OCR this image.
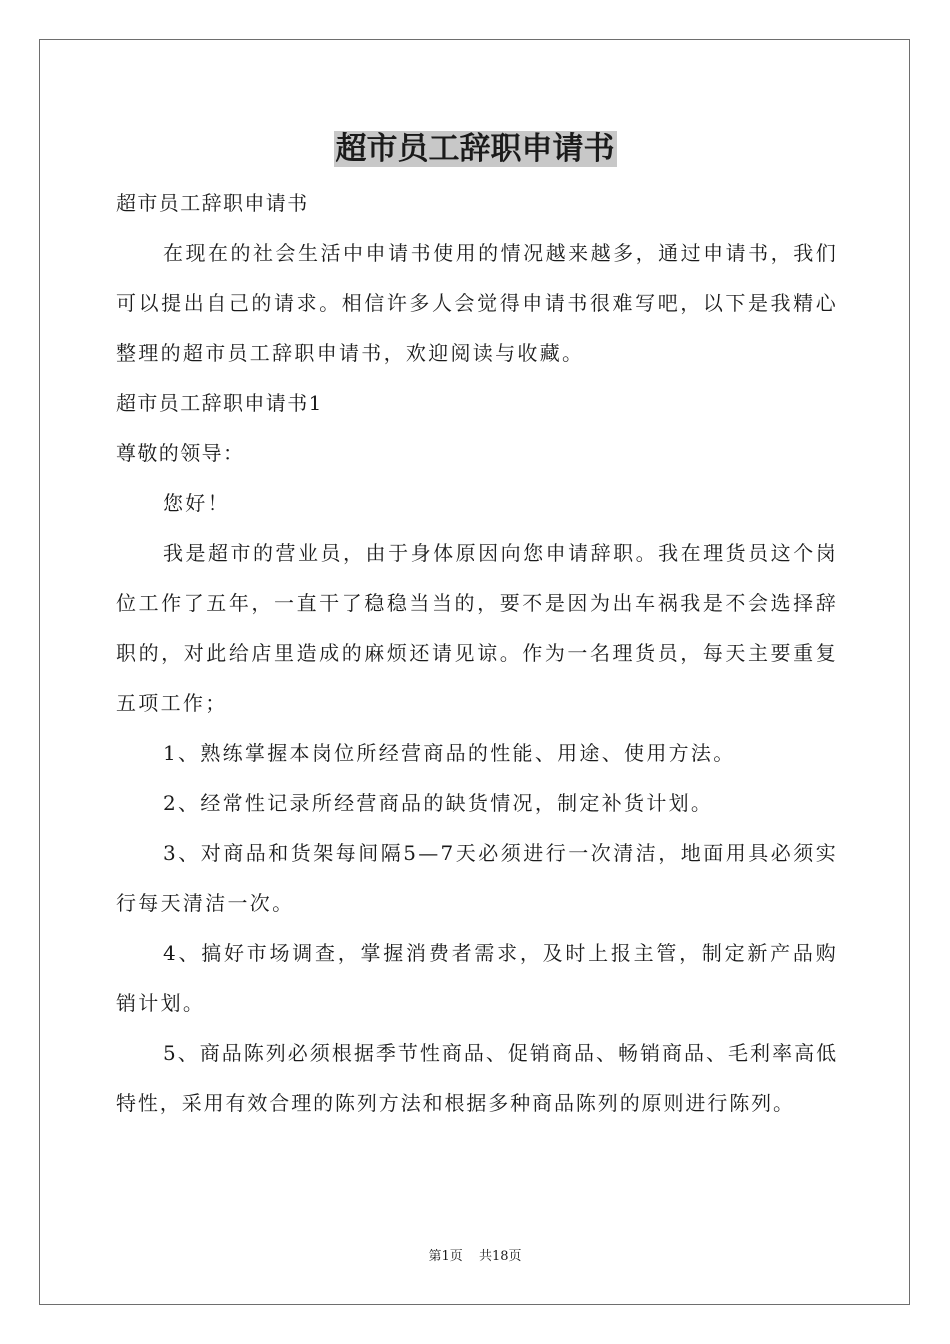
超市员工辞职申请书
超市员工辞职申请书

在现在的社会生活中申请书使用的情况越来越多，通过申请书，我们可以提出自己的请求。相信许多人会觉得申请书很难写吧，以下是我精心整理的超市员工辞职申请书，欢迎阅读与收藏。

超市员工辞职申请书1
尊敬的领导：

您好！

我是超市的营业员，由于身体原因向您申请辞职。我在理货员这个岗位工作了五年，一直干了稳稳当当的，要不是因为出车祸我是不会选择辞职的，对此给店里造成的麻烦还请见谅。作为一名理货员，每天主要重复五项工作；

1、熟练掌握本岗位所经营商品的性能、用途、使用方法。

2、经常性记录所经营商品的缺货情况，制定补货计划。

3、对商品和货架每间隔5—7天必须进行一次清洁，地面用具必须实行每天清洁一次。

4、搞好市场调查，掌握消费者需求，及时上报主管，制定新产品购销计划。

5、商品陈列必须根据季节性商品、促销商品、畅销商品、毛利率高低特性，采用有效合理的陈列方法和根据多种商品陈列的原则进行陈列。

第1页 共18页
